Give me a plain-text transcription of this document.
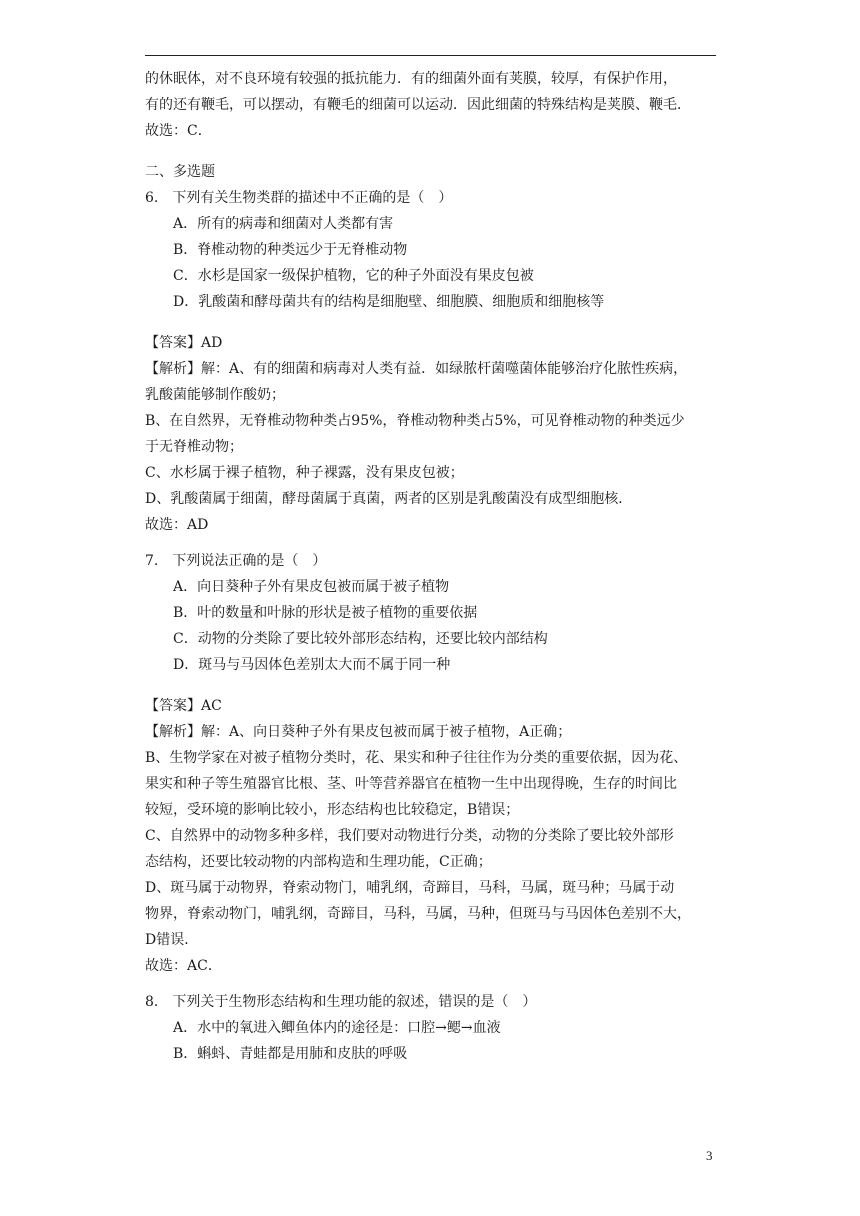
的休眠体，对不良环境有较强的抵抗能力．有的细菌外面有荚膜，较厚，有保护作用，
有的还有鞭毛，可以摆动，有鞭毛的细菌可以运动．因此细菌的特殊结构是荚膜、鞭毛．
故选：C．
二、多选题
6.　下列有关生物类群的描述中不正确的是（　）
A．所有的病毒和细菌对人类都有害
B．脊椎动物的种类远少于无脊椎动物
C．水杉是国家一级保护植物，它的种子外面没有果皮包被
D．乳酸菌和酵母菌共有的结构是细胞壁、细胞膜、细胞质和细胞核等
【答案】AD
【解析】解：A、有的细菌和病毒对人类有益．如绿脓杆菌噬菌体能够治疗化脓性疾病，
乳酸菌能够制作酸奶；
B、在自然界，无脊椎动物种类占95%，脊椎动物种类占5%，可见脊椎动物的种类远少
于无脊椎动物；
C、水杉属于裸子植物，种子裸露，没有果皮包被；
D、乳酸菌属于细菌，酵母菌属于真菌，两者的区别是乳酸菌没有成型细胞核．
故选：AD
7.　下列说法正确的是（　）
A．向日葵种子外有果皮包被而属于被子植物
B．叶的数量和叶脉的形状是被子植物的重要依据
C．动物的分类除了要比较外部形态结构，还要比较内部结构
D．斑马与马因体色差别太大而不属于同一种
【答案】AC
【解析】解：A、向日葵种子外有果皮包被而属于被子植物，A正确；
B、生物学家在对被子植物分类时，花、果实和种子往往作为分类的重要依据，因为花、
果实和种子等生殖器官比根、茎、叶等营养器官在植物一生中出现得晚，生存的时间比
较短，受环境的影响比较小，形态结构也比较稳定，B错误；
C、自然界中的动物多种多样，我们要对动物进行分类，动物的分类除了要比较外部形
态结构，还要比较动物的内部构造和生理功能，C正确；
D、斑马属于动物界，脊索动物门，哺乳纲，奇蹄目，马科，马属，斑马种；马属于动
物界，脊索动物门，哺乳纲，奇蹄目，马科，马属，马种，但斑马与马因体色差别不大，
D错误．
故选：AC．
8.　下列关于生物形态结构和生理功能的叙述，错误的是（　）
A．水中的氧进入鲫鱼体内的途径是：口腔→鳃→血液
B．蝌蚪、青蛙都是用肺和皮肤的呼吸
3
